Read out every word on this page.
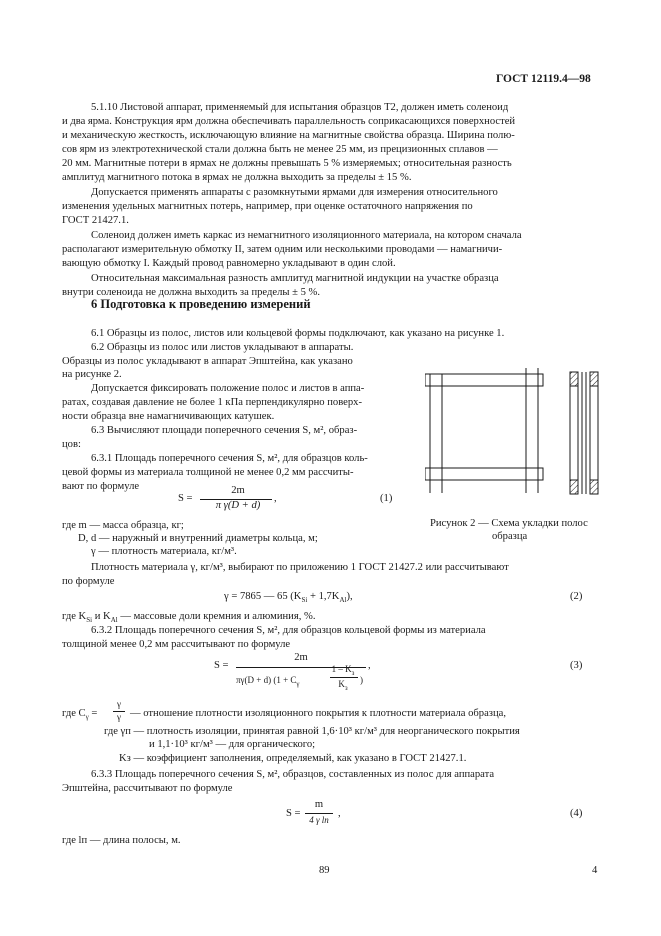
ГОСТ 12119.4—98
5.1.10 Листовой аппарат, применяемый для испытания образцов Т2, должен иметь соленоид
и два ярма. Конструкция ярм должна обеспечивать параллельность соприкасающихся поверхностей
и механическую жесткость, исключающую влияние на магнитные свойства образца. Ширина полю-
сов ярм из электротехнической стали должна быть не менее 25 мм, из прецизионных сплавов —
20 мм. Магнитные потери в ярмах не должны превышать 5 % измеряемых; относительная разность
амплитуд магнитного потока в ярмах не должна выходить за пределы ± 15 %.
Допускается применять аппараты с разомкнутыми ярмами для измерения относительного
изменения удельных магнитных потерь, например, при оценке остаточного напряжения по
ГОСТ 21427.1.
Соленоид должен иметь каркас из немагнитного изоляционного материала, на котором сначала
располагают измерительную обмотку II, затем одним или несколькими проводами — намагничи-
вающую обмотку I. Каждый провод равномерно укладывают в один слой.
Относительная максимальная разность амплитуд магнитной индукции на участке образца
внутри соленоида не должна выходить за пределы ± 5 %.
6 Подготовка к проведению измерений
6.1 Образцы из полос, листов или кольцевой формы подключают, как указано на рисунке 1.
6.2 Образцы из полос или листов укладывают в аппараты.
Образцы из полос укладывают в аппарат Эпштейна, как указано
на рисунке 2.
Допускается фиксировать положение полос и листов в аппа-
ратах, создавая давление не более 1 кПа перпендикулярно поверх-
ности образца вне намагничивающих катушек.
6.3 Вычисляют площади поперечного сечения S, м², образ-
цов:
6.3.1 Площадь поперечного сечения S, м², для образцов коль-
цевой формы из материала толщиной не менее 0,2 мм рассчиты-
вают по формуле
S =
2m
π γ(D + d)
,	(1)
где m — масса образца, кг;
D, d — наружный и внутренний диаметры кольца, м;
γ — плотность материала, кг/м³.
Рисунок 2 — Схема укладки полос
образца
Плотность материала γ, кг/м³, выбирают по приложению 1 ГОСТ 21427.2 или рассчитывают
по формуле
γ = 7865 — 65 $(K_{Si} + 1,7K_{Al})$,	(2)
где $K_{Si}$ и $K_{Al}$ — массовые доли кремния и алюминия, %.
6.3.2 Площадь поперечного сечения S, м², для образцов кольцевой формы из материала
толщиной менее 0,2 мм рассчитывают по формуле
S =
2m
πγ(D + d) ($1 + C_\gamma$
$1 - K_з$
$K_з$
)
,	(3)
где $C_\gamma$ =
γ
γ — отношение плотности изоляционного покрытия к плотности материала образца,
где γп — плотность изоляции, принятая равной 1,6·10³ кг/м³ для неорганического покрытия
и 1,1·10³ кг/м³ — для органического;
Kз — коэффициент заполнения, определяемый, как указано в ГОСТ 21427.1.
6.3.3 Площадь поперечного сечения S, м², образцов, составленных из полос для аппарата
Эпштейна, рассчитывают по формуле
S =
m
4 γ lп
,	(4)
где lп — длина полосы, м.
89	4
